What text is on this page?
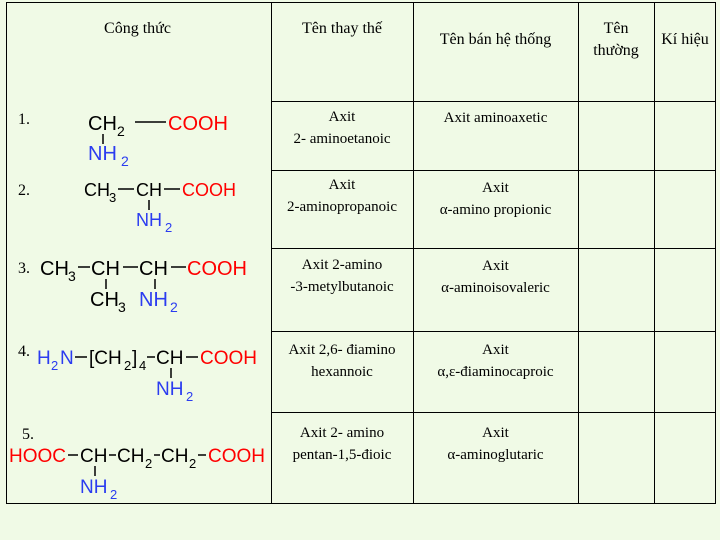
Công thức	Tên thay thế
Tên bán hệ thống
Tên thường
Kí hiệu
1.
2.
3.
4.
5.
CH 2 COOH
NH 2
CH 3 CH COOH
NH 2
CH 3 CH CH COOH
CH 3 NH 2
H 2 N [CH 2 ] 4 CH COOH
NH 2
HOOC CH CH 2 CH 2 COOH
NH 2
Axit
2- aminoetanoic
Axit
2-aminopropanoic
Axit 2-amino
-3-metylbutanoic
Axit 2,6- điamino
hexannoic
Axit 2- amino
pentan-1,5-đioic
Axit aminoaxetic
Axit
α-amino propionic
Axit
α-aminoisovaleric
Axit
α,ε-điaminocaproic
Axit
α-aminoglutaric
